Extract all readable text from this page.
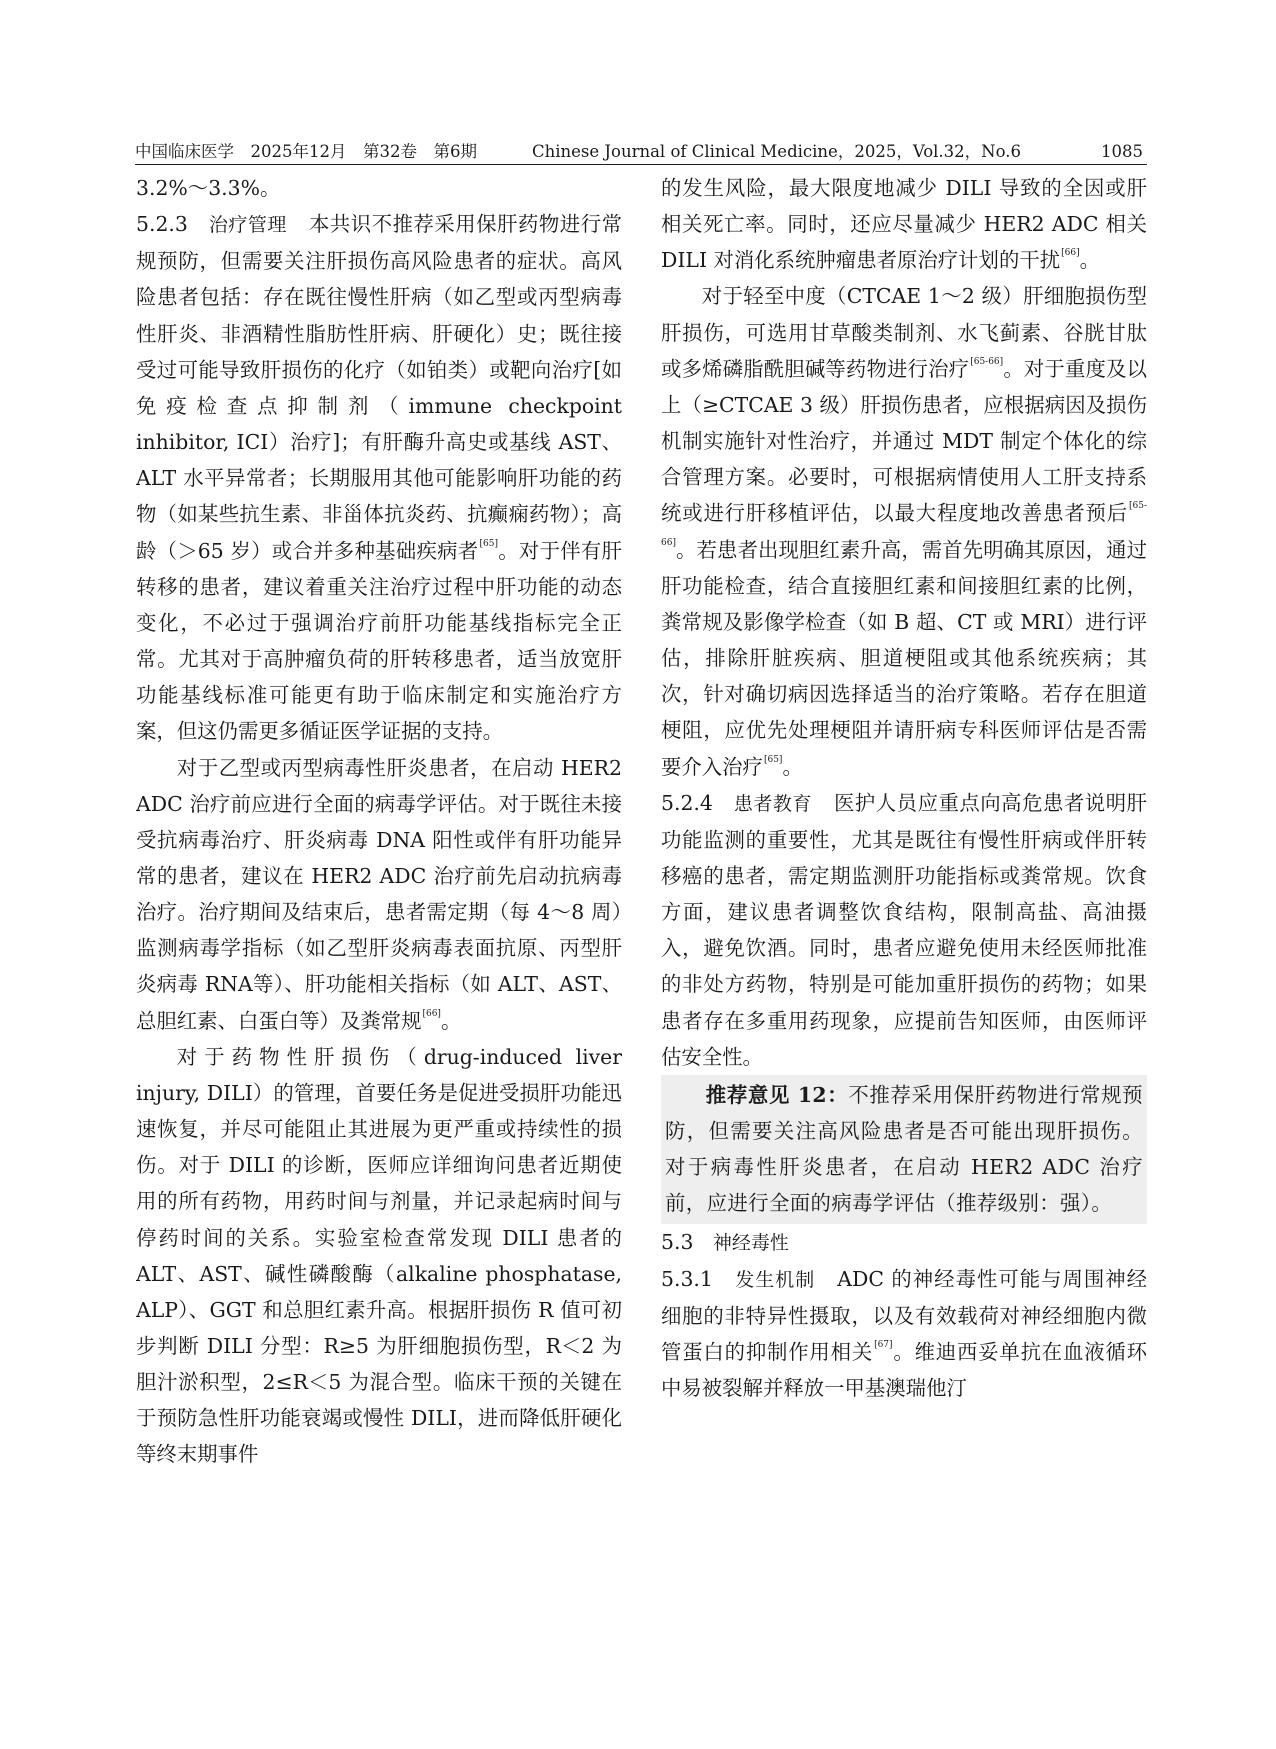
中国临床医学　2025年12月　第32卷　第6期	Chinese Journal of Clinical Medicine，2025，Vol.32，No.6	1085

3.2%～3.3%。

5.2.3 治疗管理 本共识不推荐采用保肝药物进行常规预防，但需要关注肝损伤高风险患者的症状。高风险患者包括：存在既往慢性肝病（如乙型或丙型病毒性肝炎、非酒精性脂肪性肝病、肝硬化）史；既往接受过可能导致肝损伤的化疗（如铂类）或靶向治疗[如免疫检查点抑制剂（immune checkpoint inhibitor, ICI）治疗]；有肝酶升高史或基线 AST、ALT 水平异常者；长期服用其他可能影响肝功能的药物（如某些抗生素、非甾体抗炎药、抗癫痫药物）；高龄（＞65 岁）或合并多种基础疾病者[65]。对于伴有肝转移的患者，建议着重关注治疗过程中肝功能的动态变化，不必过于强调治疗前肝功能基线指标完全正常。尤其对于高肿瘤负荷的肝转移患者，适当放宽肝功能基线标准可能更有助于临床制定和实施治疗方案，但这仍需更多循证医学证据的支持。

对于乙型或丙型病毒性肝炎患者，在启动 HER2 ADC 治疗前应进行全面的病毒学评估。对于既往未接受抗病毒治疗、肝炎病毒 DNA 阳性或伴有肝功能异常的患者，建议在 HER2 ADC 治疗前先启动抗病毒治疗。治疗期间及结束后，患者需定期（每 4～8 周）监测病毒学指标（如乙型肝炎病毒表面抗原、丙型肝炎病毒 RNA等）、肝功能相关指标（如 ALT、AST、总胆红素、白蛋白等）及粪常规[66]。

对于药物性肝损伤（drug-induced liver injury, DILI）的管理，首要任务是促进受损肝功能迅速恢复，并尽可能阻止其进展为更严重或持续性的损伤。对于 DILI 的诊断，医师应详细询问患者近期使用的所有药物，用药时间与剂量，并记录起病时间与停药时间的关系。实验室检查常发现 DILI 患者的 ALT、AST、碱性磷酸酶（alkaline phosphatase, ALP）、GGT 和总胆红素升高。根据肝损伤 R 值可初步判断 DILI 分型：R≥5 为肝细胞损伤型，R＜2 为胆汁淤积型，2≤R＜5 为混合型。临床干预的关键在于预防急性肝功能衰竭或慢性 DILI，进而降低肝硬化等终末期事件

的发生风险，最大限度地减少 DILI 导致的全因或肝相关死亡率。同时，还应尽量减少 HER2 ADC 相关 DILI 对消化系统肿瘤患者原治疗计划的干扰[66]。

对于轻至中度（CTCAE 1～2 级）肝细胞损伤型肝损伤，可选用甘草酸类制剂、水飞蓟素、谷胱甘肽或多烯磷脂酰胆碱等药物进行治疗[65-66]。对于重度及以上（≥CTCAE 3 级）肝损伤患者，应根据病因及损伤机制实施针对性治疗，并通过 MDT 制定个体化的综合管理方案。必要时，可根据病情使用人工肝支持系统或进行肝移植评估，以最大程度地改善患者预后[65-66]。若患者出现胆红素升高，需首先明确其原因，通过肝功能检查，结合直接胆红素和间接胆红素的比例，粪常规及影像学检查（如 B 超、CT 或 MRI）进行评估，排除肝脏疾病、胆道梗阻或其他系统疾病；其次，针对确切病因选择适当的治疗策略。若存在胆道梗阻，应优先处理梗阻并请肝病专科医师评估是否需要介入治疗[65]。

5.2.4 患者教育 医护人员应重点向高危患者说明肝功能监测的重要性，尤其是既往有慢性肝病或伴肝转移癌的患者，需定期监测肝功能指标或粪常规。饮食方面，建议患者调整饮食结构，限制高盐、高油摄入，避免饮酒。同时，患者应避免使用未经医师批准的非处方药物，特别是可能加重肝损伤的药物；如果患者存在多重用药现象，应提前告知医师，由医师评估安全性。

推荐意见 12：不推荐采用保肝药物进行常规预防，但需要关注高风险患者是否可能出现肝损伤。对于病毒性肝炎患者，在启动 HER2 ADC 治疗前，应进行全面的病毒学评估（推荐级别：强）。

5.3 神经毒性

5.3.1 发生机制 ADC 的神经毒性可能与周围神经细胞的非特异性摄取，以及有效载荷对神经细胞内微管蛋白的抑制作用相关[67]。维迪西妥单抗在血液循环中易被裂解并释放一甲基澳瑞他汀
